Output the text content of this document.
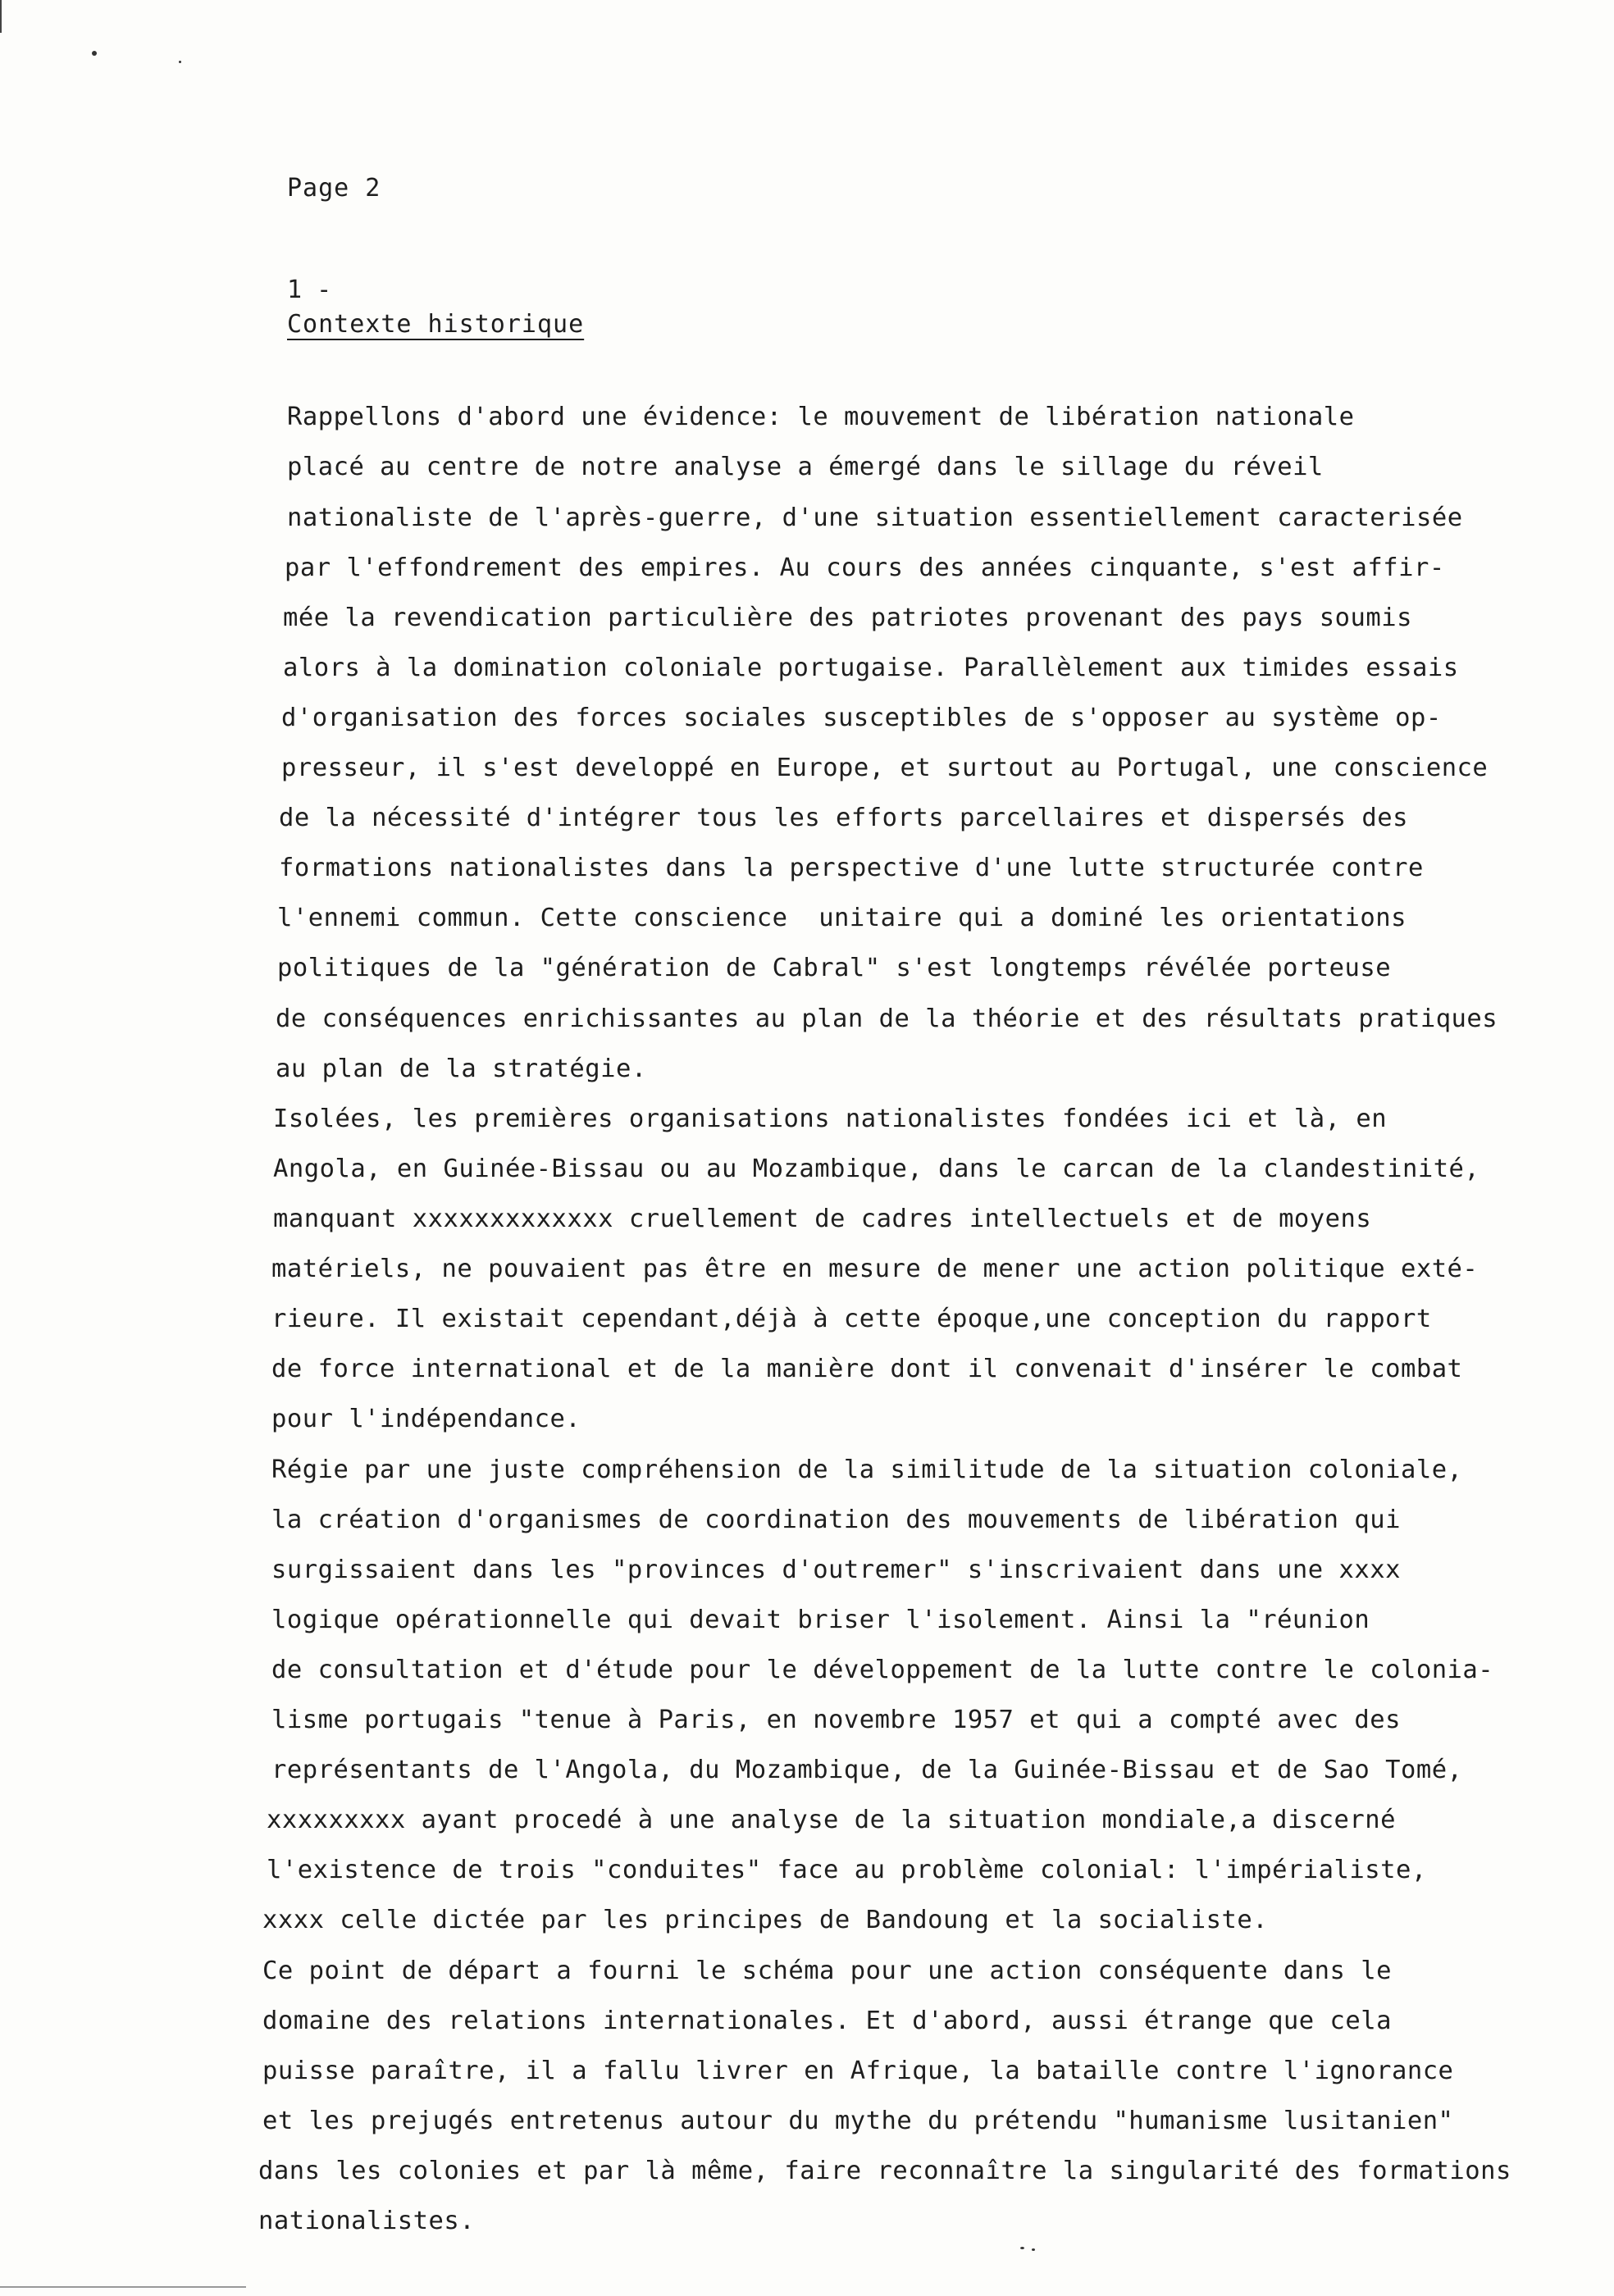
Page 2
1 -
Contexte historique
Rappellons d'abord une évidence: le mouvement de libération nationale
placé au centre de notre analyse a émergé dans le sillage du réveil
nationaliste de l'après-guerre, d'une situation essentiellement caracterisée
par l'effondrement des empires. Au cours des années cinquante, s'est affir-
mée la revendication particulière des patriotes provenant des pays soumis
alors à la domination coloniale portugaise. Parallèlement aux timides essais
d'organisation des forces sociales susceptibles de s'opposer au système op-
presseur, il s'est developpé en Europe, et surtout au Portugal, une conscience
de la nécessité d'intégrer tous les efforts parcellaires et dispersés des
formations nationalistes dans la perspective d'une lutte structurée contre
l'ennemi commun. Cette conscience  unitaire qui a dominé les orientations
politiques de la "génération de Cabral" s'est longtemps révélée porteuse
de conséquences enrichissantes au plan de la théorie et des résultats pratiques
au plan de la stratégie.
Isolées, les premières organisations nationalistes fondées ici et là, en
Angola, en Guinée-Bissau ou au Mozambique, dans le carcan de la clandestinité,
manquant xxxxxxxxxxxxx cruellement de cadres intellectuels et de moyens
matériels, ne pouvaient pas être en mesure de mener une action politique exté-
rieure. Il existait cependant,déjà à cette époque,une conception du rapport
de force international et de la manière dont il convenait d'insérer le combat
pour l'indépendance.
Régie par une juste compréhension de la similitude de la situation coloniale,
la création d'organismes de coordination des mouvements de libération qui
surgissaient dans les "provinces d'outremer" s'inscrivaient dans une xxxx
logique opérationnelle qui devait briser l'isolement. Ainsi la "réunion
de consultation et d'étude pour le développement de la lutte contre le colonia-
lisme portugais "tenue à Paris, en novembre 1957 et qui a compté avec des
représentants de l'Angola, du Mozambique, de la Guinée-Bissau et de Sao Tomé,
xxxxxxxxx ayant procedé à une analyse de la situation mondiale,a discerné
l'existence de trois "conduites" face au problème colonial: l'impérialiste,
xxxx celle dictée par les principes de Bandoung et la socialiste.
Ce point de départ a fourni le schéma pour une action conséquente dans le
domaine des relations internationales. Et d'abord, aussi étrange que cela
puisse paraître, il a fallu livrer en Afrique, la bataille contre l'ignorance
et les prejugés entretenus autour du mythe du prétendu "humanisme lusitanien"
dans les colonies et par là même, faire reconnaître la singularité des formations
nationalistes.
